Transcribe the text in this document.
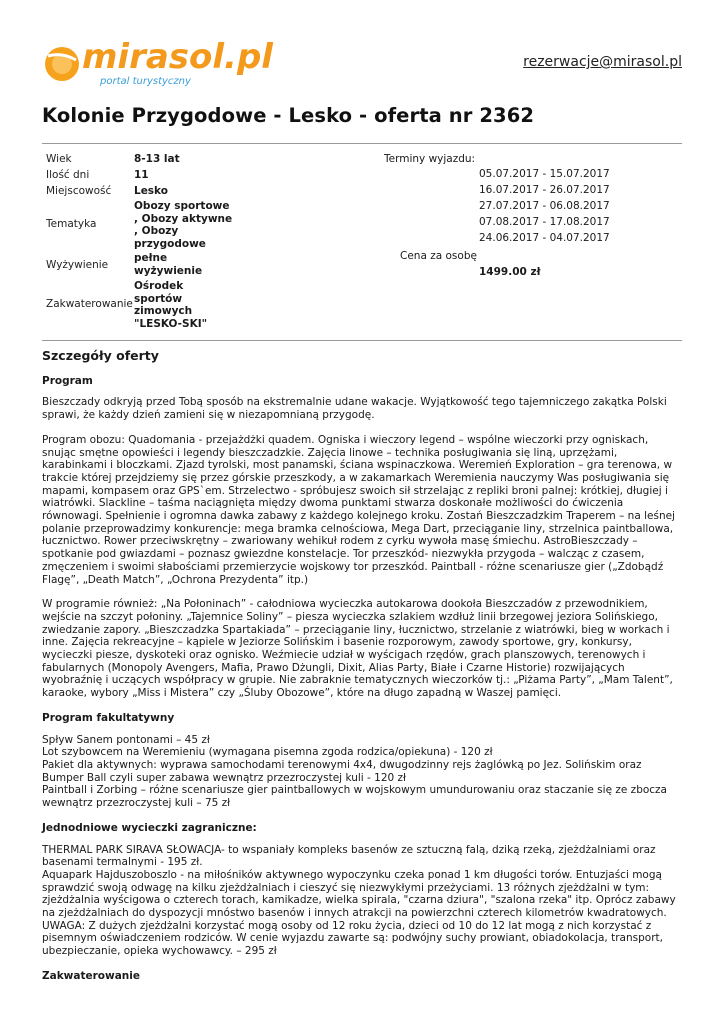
mirasol.pl
portal turystyczny
rezerwacje@mirasol.pl
Kolonie Przygodowe - Lesko - oferta nr 2362
Wiek	8-13 lat
Ilość dni	11
Miejscowość Lesko
Tematyka
Obozy sportowe
, Obozy aktywne
, Obozy
przygodowe
Wyżywienie
pełne
wyżywienie
Zakwaterowanie
Ośrodek
sportów
zimowych
"LESKO-SKI"
Terminy wyjazdu:
05.07.2017 - 15.07.2017
16.07.2017 - 26.07.2017
27.07.2017 - 06.08.2017
07.08.2017 - 17.08.2017
24.06.2017 - 04.07.2017
Cena za osobę
1499.00 zł
Szczegóły oferty
Program

Bieszczady odkryją przed Tobą sposób na ekstremalnie udane wakacje. Wyjątkowość tego tajemniczego zakątka Polski sprawi, że każdy dzień zamieni się w niezapomnianą przygodę.

Program obozu: Quadomania - przejażdżki quadem. Ogniska i wieczory legend – wspólne wieczorki przy ogniskach, snując smętne opowieści i legendy bieszczadzkie. Zajęcia linowe – technika posługiwania się liną, uprzężami, karabinkami i bloczkami. Zjazd tyrolski, most panamski, ściana wspinaczkowa. Weremień Exploration – gra terenowa, w trakcie której przejdziemy się przez górskie przeszkody, a w zakamarkach Weremienia nauczymy Was posługiwania się mapami, kompasem oraz GPS`em. Strzelectwo - spróbujesz swoich sił strzelając z repliki broni palnej: krótkiej, długiej i wiatrówki. Slackline – taśma naciągnięta między dwoma punktami stwarza doskonałe możliwości do ćwiczenia równowagi. Spełnienie i ogromna dawka zabawy z każdego kolejnego kroku. Zostań Bieszczadzkim Traperem – na leśnej polanie przeprowadzimy konkurencje: mega bramka celnościowa, Mega Dart, przeciąganie liny, strzelnica paintballowa, łucznictwo. Rower przeciwskrętny – zwariowany wehikuł rodem z cyrku wywoła masę śmiechu. AstroBieszczady – spotkanie pod gwiazdami – poznasz gwiezdne konstelacje. Tor przeszkód- niezwykła przygoda – walcząc z czasem, zmęczeniem i swoimi słabościami przemierzycie wojskowy tor przeszkód. Paintball - różne scenariusze gier („Zdobądź Flagę”, „Death Match”, „Ochrona Prezydenta” itp.)

W programie również: „Na Połoninach” - całodniowa wycieczka autokarowa dookoła Bieszczadów z przewodnikiem, wejście na szczyt połoniny. „Tajemnice Soliny” – piesza wycieczka szlakiem wzdłuż linii brzegowej jeziora Solińskiego, zwiedzanie zapory. „Bieszczadzka Spartakiada” – przeciąganie liny, łucznictwo, strzelanie z wiatrówki, bieg w workach i inne. Zajęcia rekreacyjne – kąpiele w Jeziorze Solińskim i basenie rozporowym, zawody sportowe, gry, konkursy, wycieczki piesze, dyskoteki oraz ognisko. Weźmiecie udział w wyścigach rzędów, grach planszowych, terenowych i fabularnych (Monopoly Avengers, Mafia, Prawo Dżungli, Dixit, Alias Party, Białe i Czarne Historie) rozwijających wyobraźnię i uczących współpracy w grupie. Nie zabraknie tematycznych wieczorków tj.: „Piżama Party”, „Mam Talent”, karaoke, wybory „Miss i Mistera” czy „Śluby Obozowe”, które na długo zapadną w Waszej pamięci.

Program fakultatywny

Spływ Sanem pontonami – 45 zł
Lot szybowcem na Weremieniu (wymagana pisemna zgoda rodzica/opiekuna) - 120 zł
Pakiet dla aktywnych: wyprawa samochodami terenowymi 4x4, dwugodzinny rejs żaglówką po Jez. Solińskim oraz Bumper Ball czyli super zabawa wewnątrz przezroczystej kuli - 120 zł
Paintball i Zorbing – różne scenariusze gier paintballowych w wojskowym umundurowaniu oraz staczanie się ze zbocza wewnątrz przezroczystej kuli – 75 zł

Jednodniowe wycieczki zagraniczne:

THERMAL PARK SIRAVA SŁOWACJA- to wspaniały kompleks basenów ze sztuczną falą, dziką rzeką, zjeżdżalniami oraz basenami termalnymi - 195 zł.
Aquapark Hajduszoboszlo - na miłośników aktywnego wypoczynku czeka ponad 1 km długości torów. Entuzjaści mogą sprawdzić swoją odwagę na kilku zjeżdżalniach i cieszyć się niezwykłymi przeżyciami. 13 różnych zjeżdżalni w tym: zjeżdżalnia wyścigowa o czterech torach, kamikadze, wielka spirala, "czarna dziura", "szalona rzeka" itp. Oprócz zabawy na zjeżdżalniach do dyspozycji mnóstwo basenów i innych atrakcji na powierzchni czterech kilometrów kwadratowych.
UWAGA: Z dużych zjeżdżalni korzystać mogą osoby od 12 roku życia, dzieci od 10 do 12 lat mogą z nich korzystać z pisemnym oświadczeniem rodziców. W cenie wyjazdu zawarte są: podwójny suchy prowiant, obiadokolacja, transport, ubezpieczanie, opieka wychowawcy. – 295 zł

Zakwaterowanie
